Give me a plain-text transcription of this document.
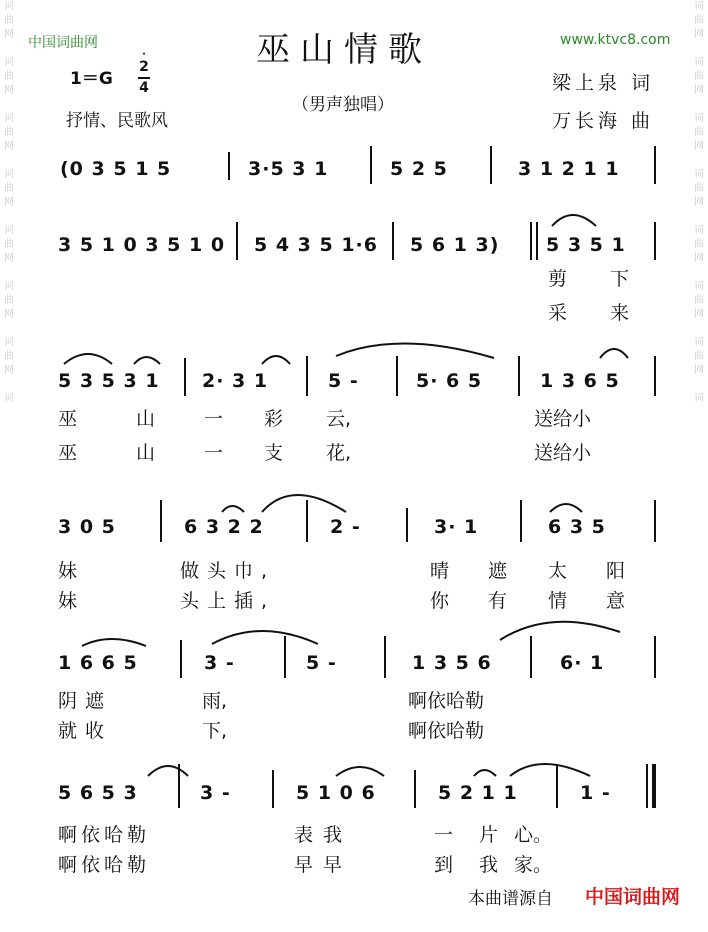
词
曲
网

词
曲
网

词
曲
网

词
曲
网

词
曲
网

词
曲
网

词
曲
网

词
词
曲
网

词
曲
网

词
曲
网

词
曲
网

词
曲
网

词
曲
网

词
曲
网

词
中国词曲网	www.ktvc8.com
巫山情歌
1＝G
·
2
4
抒情、民歌风
（男声独唱）
梁上泉 词
万长海 曲
(0 3 5 1 5	3·5 3 1	5 2 5	3 1 2 1 1
3 5 1 0 3 5 1 0 5 4 3 5 1·6 5 6 1 3) 5 3 5 1
剪 下
采 来
5 3 5 3 1 2· 3 1	5 -	5· 6 5	1 3 6 5
巫	山	一 彩 云,	送给小
巫	山	一 支 花,	送给小
3 0 5	6 3 2 2	2 -	3· 1	6 3 5
妹	做头巾,	晴 遮 太 阳
妹	头上插,	你 有 情 意
1 6 6 5	3 -	5 -	1 3 5 6	6· 1
阴遮	雨,	啊依哈勒
就收	下,	啊依哈勒
5 6 5 3	3 -	5 1 0 6	5 2 1 1	1 -
啊依哈勒	表我	一片
心。
啊依哈勒	早早	到我
家。
本曲谱源自 中国词曲网
